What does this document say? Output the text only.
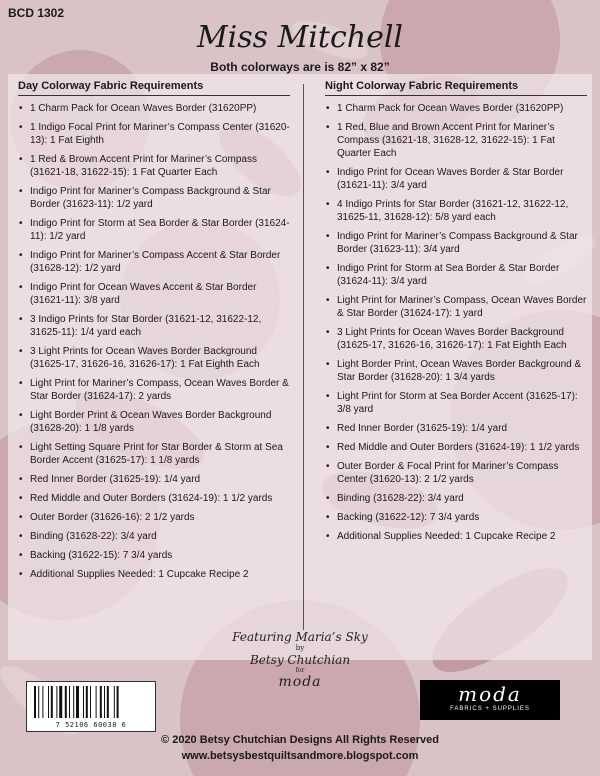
BCD 1302
Miss Mitchell
Both colorways are is 82” x 82”
Day Colorway Fabric Requirements
• 1 Charm Pack for Ocean Waves Border (31620PP)
• 1 Indigo Focal Print for Mariner’s Compass Center (31620-13): 1 Fat Eighth
• 1 Red & Brown Accent Print for Mariner’s Compass (31621-18, 31622-15): 1 Fat Quarter Each
• Indigo Print for Mariner’s Compass Background & Star Border (31623-11): 1/2 yard
• Indigo Print for Storm at Sea Border & Star Border (31624-11): 1/2 yard
• Indigo Print for Mariner’s Compass Accent & Star Border (31628-12): 1/2 yard
• Indigo Print for Ocean Waves Accent & Star Border (31621-11): 3/8 yard
• 3 Indigo Prints for Star Border (31621-12, 31622-12, 31625-11): 1/4 yard each
• 3 Light Prints for Ocean Waves Border Background (31625-17, 31626-16, 31626-17): 1 Fat Eighth Each
• Light Print for Mariner’s Compass, Ocean Waves Border & Star Border (31624-17): 2 yards
• Light Border Print & Ocean Waves Border Background (31628-20): 1 1/8 yards
• Light Setting Square Print for Star Border & Storm at Sea Border Accent (31625-17): 1 1/8 yards
• Red Inner Border (31625-19): 1/4 yard
• Red Middle and Outer Borders (31624-19): 1 1/2 yards
• Outer Border (31626-16): 2 1/2 yards
• Binding (31628-22): 3/4 yard
• Backing (31622-15): 7 3/4 yards
• Additional Supplies Needed: 1 Cupcake Recipe 2
Night Colorway Fabric Requirements
• 1 Charm Pack for Ocean Waves Border (31620PP)
• 1 Red, Blue and Brown Accent Print for Mariner’s Compass (31621-18, 31628-12, 31622-15): 1 Fat Quarter Each
• Indigo Print for Ocean Waves Border & Star Border (31621-11): 3/4 yard
• 4 Indigo Prints for Star Border (31621-12, 31622-12, 31625-11, 31628-12): 5/8 yard each
• Indigo Print for Mariner’s Compass Background & Star Border (31623-11): 3/4 yard
• Indigo Print for Storm at Sea Border & Star Border (31624-11): 3/4 yard
• Light Print for Mariner’s Compass, Ocean Waves Border & Star Border (31624-17): 1 yard
• 3 Light Prints for Ocean Waves Border Background (31625-17, 31626-16, 31626-17): 1 Fat Eighth Each
• Light Border Print, Ocean Waves Border Background & Star Border (31628-20): 1 3/4 yards
• Light Print for Storm at Sea Border Accent (31625-17): 3/8 yard
• Red Inner Border (31625-19): 1/4 yard
• Red Middle and Outer Borders (31624-19): 1 1/2 yards
• Outer Border & Focal Print for Mariner’s Compass Center (31620-13): 2 1/2 yards
• Binding (31628-22): 3/4 yard
• Backing (31622-12): 7 3/4 yards
• Additional Supplies Needed: 1 Cupcake Recipe 2
Featuring Maria’s Sky
by
Betsy Chutchian
for
moda
7 52106 60038 6
moda
FABRICS + SUPPLIES
© 2020 Betsy Chutchian Designs All Rights Reserved
www.betsysbestquiltsandmore.blogspot.com
